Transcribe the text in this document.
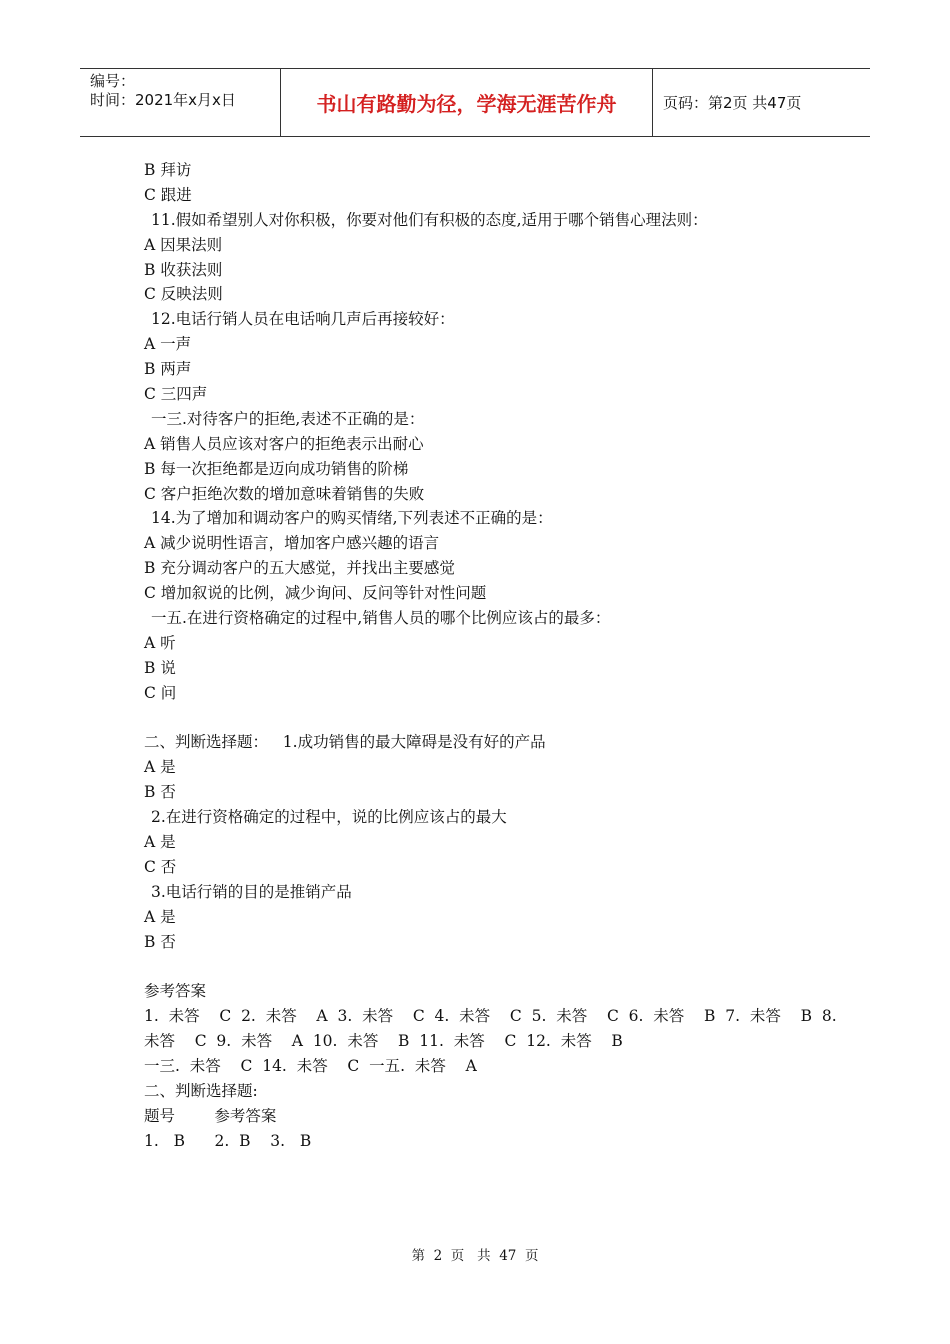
编号：
时间：2021年x月x日	书山有路勤为径，学海无涯苦作舟	页码：第2页 共47页
B 拜访
C 跟进
11.假如希望别人对你积极，你要对他们有积极的态度,适用于哪个销售心理法则：
A 因果法则
B 收获法则
C 反映法则
12.电话行销人员在电话响几声后再接较好：
A 一声
B 两声
C 三四声
一三.对待客户的拒绝,表述不正确的是：
A 销售人员应该对客户的拒绝表示出耐心
B 每一次拒绝都是迈向成功销售的阶梯
C 客户拒绝次数的增加意味着销售的失败
14.为了增加和调动客户的购买情绪,下列表述不正确的是：
A 减少说明性语言，增加客户感兴趣的语言
B 充分调动客户的五大感觉，并找出主要感觉
C 增加叙说的比例，减少询问、反问等针对性问题
一五.在进行资格确定的过程中,销售人员的哪个比例应该占的最多：
A 听
B 说
C 问
二、判断选择题：   1.成功销售的最大障碍是没有好的产品
A 是
B 否
2.在进行资格确定的过程中，说的比例应该占的最大
A 是
C 否
3.电话行销的目的是推销产品
A 是
B 否
参考答案
1.  未答    C  2.  未答    A  3.  未答    C  4.  未答    C  5.  未答    C  6.  未答    B  7.  未答    B  8.
未答    C  9.  未答    A  10.  未答    B  11.  未答    C  12.  未答    B
一三.  未答    C  14.  未答    C  一五.  未答    A
二、判断选择题:
题号        参考答案
1.   B      2.  B    3.   B
第  2  页   共  47  页
